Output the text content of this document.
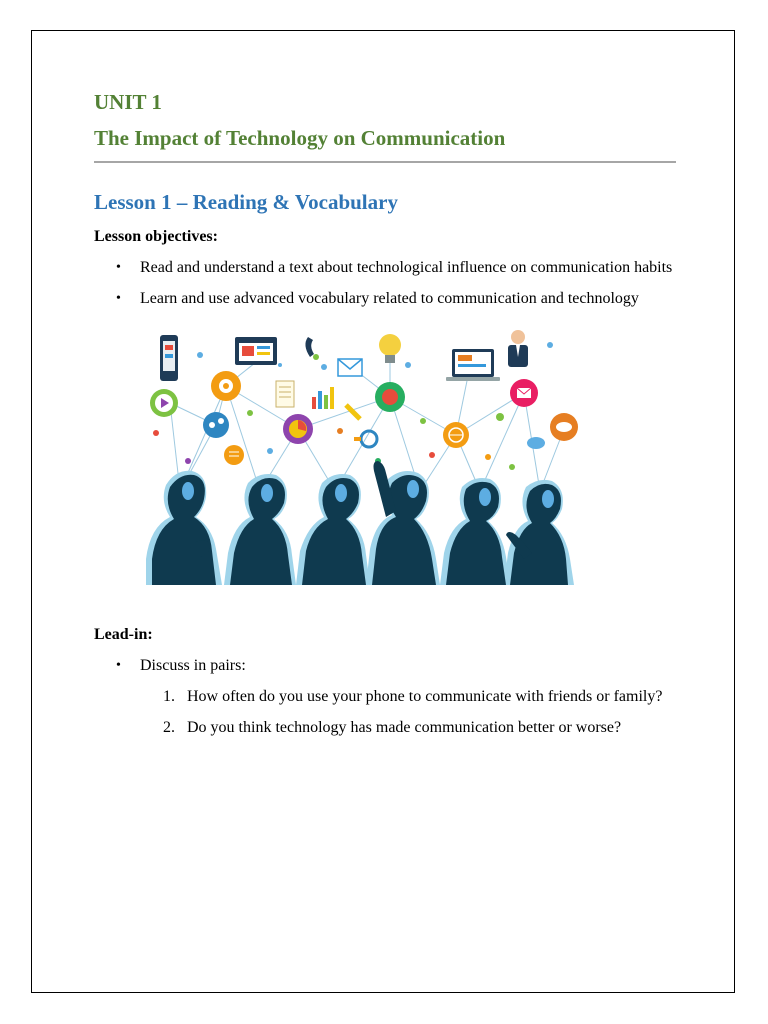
UNIT 1
The Impact of Technology on Communication
Lesson 1 – Reading & Vocabulary

Lesson objectives:

• Read and understand a text about technological influence on communication habits
• Learn and use advanced vocabulary related to communication and technology

Lead-in:

• Discuss in pairs:
1. How often do you use your phone to communicate with friends or family?
2. Do you think technology has made communication better or worse?
